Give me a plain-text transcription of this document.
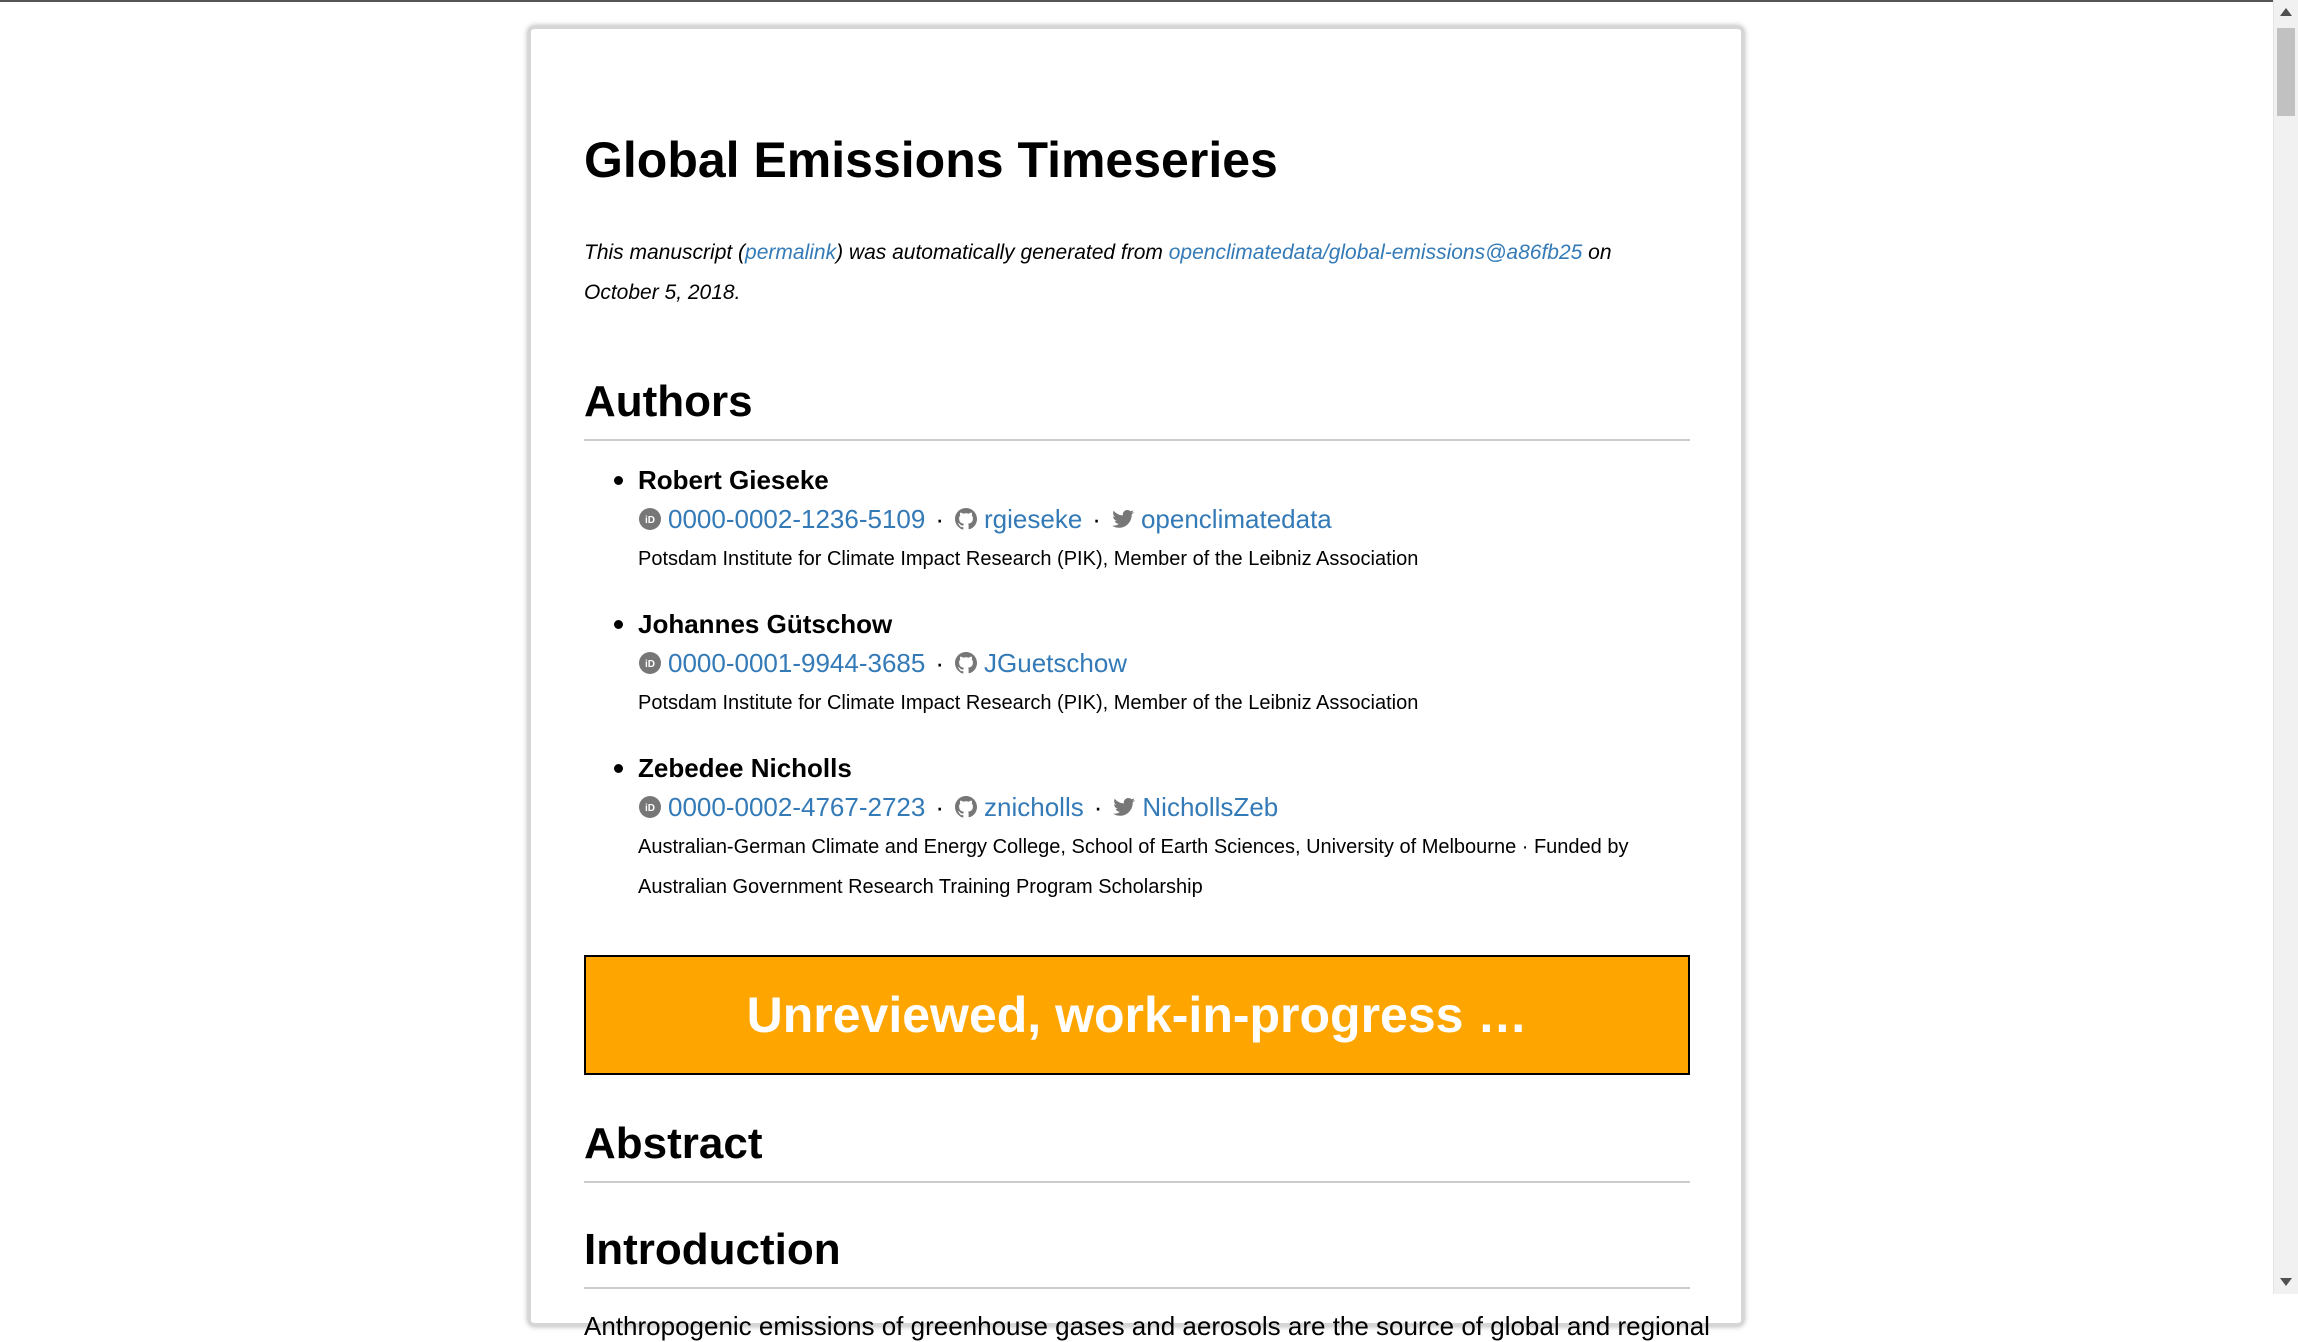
Global Emissions Timeseries
This manuscript (permalink) was automatically generated from openclimatedata/global-emissions@a86fb25 on October 5, 2018.
Authors
Robert Gieseke
iD 0000-0002-1236-5109 · rgieseke · openclimatedata
Potsdam Institute for Climate Impact Research (PIK), Member of the Leibniz Association
Johannes Gütschow
iD 0000-0001-9944-3685 · JGuetschow
Potsdam Institute for Climate Impact Research (PIK), Member of the Leibniz Association
Zebedee Nicholls
iD 0000-0002-4767-2723 · znicholls · NichollsZeb
Australian-German Climate and Energy College, School of Earth Sciences, University of Melbourne · Funded by Australian Government Research Training Program Scholarship
Unreviewed, work-in-progress …
Abstract
Introduction
Anthropogenic emissions of greenhouse gases and aerosols are the source of global and regional
